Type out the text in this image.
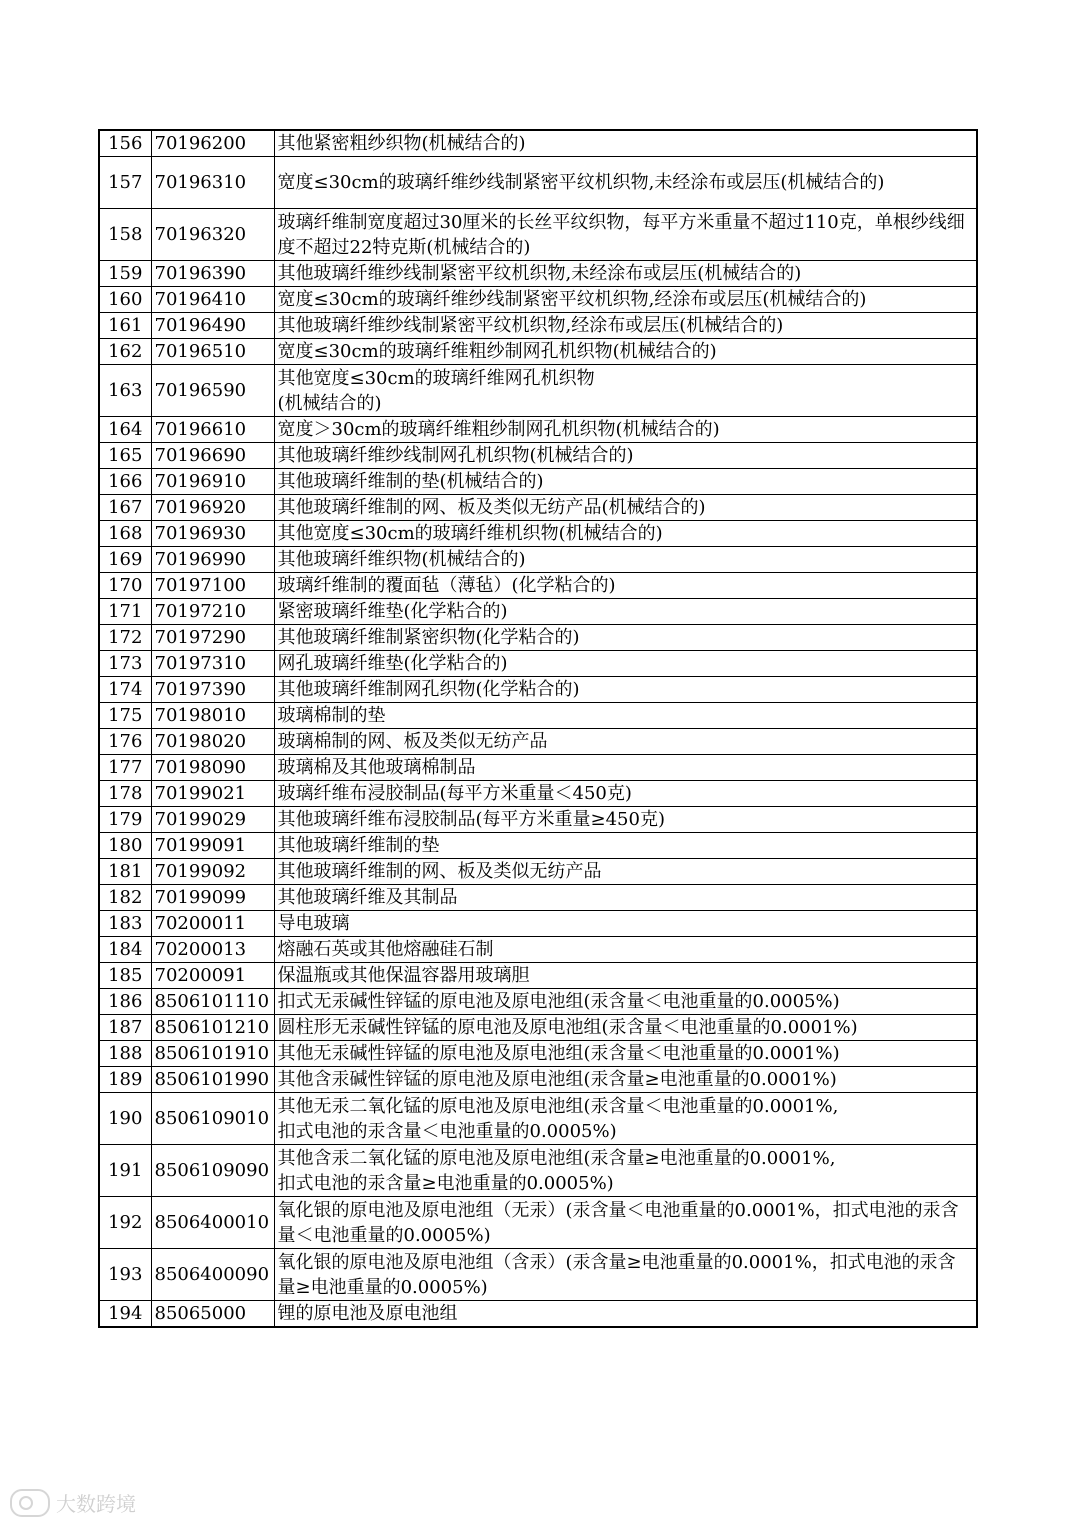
156	70196200	其他紧密粗纱织物(机械结合的)
157	70196310	宽度≤30cm的玻璃纤维纱线制紧密平纹机织物,未经涂布或层压(机械结合的)
158	70196320	玻璃纤维制宽度超过30厘米的长丝平纹织物，每平方米重量不超过110克，单根纱线细度不超过22特克斯(机械结合的)
159	70196390	其他玻璃纤维纱线制紧密平纹机织物,未经涂布或层压(机械结合的)
160	70196410	宽度≤30cm的玻璃纤维纱线制紧密平纹机织物,经涂布或层压(机械结合的)
161	70196490	其他玻璃纤维纱线制紧密平纹机织物,经涂布或层压(机械结合的)
162	70196510	宽度≤30cm的玻璃纤维粗纱制网孔机织物(机械结合的)
163	70196590	其他宽度≤30cm的玻璃纤维网孔机织物
(机械结合的)
164	70196610	宽度＞30cm的玻璃纤维粗纱制网孔机织物(机械结合的)
165	70196690	其他玻璃纤维纱线制网孔机织物(机械结合的)
166	70196910	其他玻璃纤维制的垫(机械结合的)
167	70196920	其他玻璃纤维制的网、板及类似无纺产品(机械结合的)
168	70196930	其他宽度≤30cm的玻璃纤维机织物(机械结合的)
169	70196990	其他玻璃纤维织物(机械结合的)
170	70197100	玻璃纤维制的覆面毡（薄毡）(化学粘合的)
171	70197210	紧密玻璃纤维垫(化学粘合的)
172	70197290	其他玻璃纤维制紧密织物(化学粘合的)
173	70197310	网孔玻璃纤维垫(化学粘合的)
174	70197390	其他玻璃纤维制网孔织物(化学粘合的)
175	70198010	玻璃棉制的垫
176	70198020	玻璃棉制的网、板及类似无纺产品
177	70198090	玻璃棉及其他玻璃棉制品
178	70199021	玻璃纤维布浸胶制品(每平方米重量＜450克)
179	70199029	其他玻璃纤维布浸胶制品(每平方米重量≥450克)
180	70199091	其他玻璃纤维制的垫
181	70199092	其他玻璃纤维制的网、板及类似无纺产品
182	70199099	其他玻璃纤维及其制品
183	70200011	导电玻璃
184	70200013	熔融石英或其他熔融硅石制
185	70200091	保温瓶或其他保温容器用玻璃胆
186	8506101110	扣式无汞碱性锌锰的原电池及原电池组(汞含量＜电池重量的0.0005%)
187	8506101210	圆柱形无汞碱性锌锰的原电池及原电池组(汞含量＜电池重量的0.0001%)
188	8506101910	其他无汞碱性锌锰的原电池及原电池组(汞含量＜电池重量的0.0001%)
189	8506101990	其他含汞碱性锌锰的原电池及原电池组(汞含量≥电池重量的0.0001%)
190	8506109010	其他无汞二氧化锰的原电池及原电池组(汞含量＜电池重量的0.0001%,
扣式电池的汞含量＜电池重量的0.0005%)
191	8506109090	其他含汞二氧化锰的原电池及原电池组(汞含量≥电池重量的0.0001%,
扣式电池的汞含量≥电池重量的0.0005%)
192	8506400010	氧化银的原电池及原电池组（无汞）(汞含量＜电池重量的0.0001%，扣式电池的汞含量＜电池重量的0.0005%)
193	8506400090	氧化银的原电池及原电池组（含汞）(汞含量≥电池重量的0.0001%，扣式电池的汞含量≥电池重量的0.0005%)
194	85065000	锂的原电池及原电池组
大数跨境
